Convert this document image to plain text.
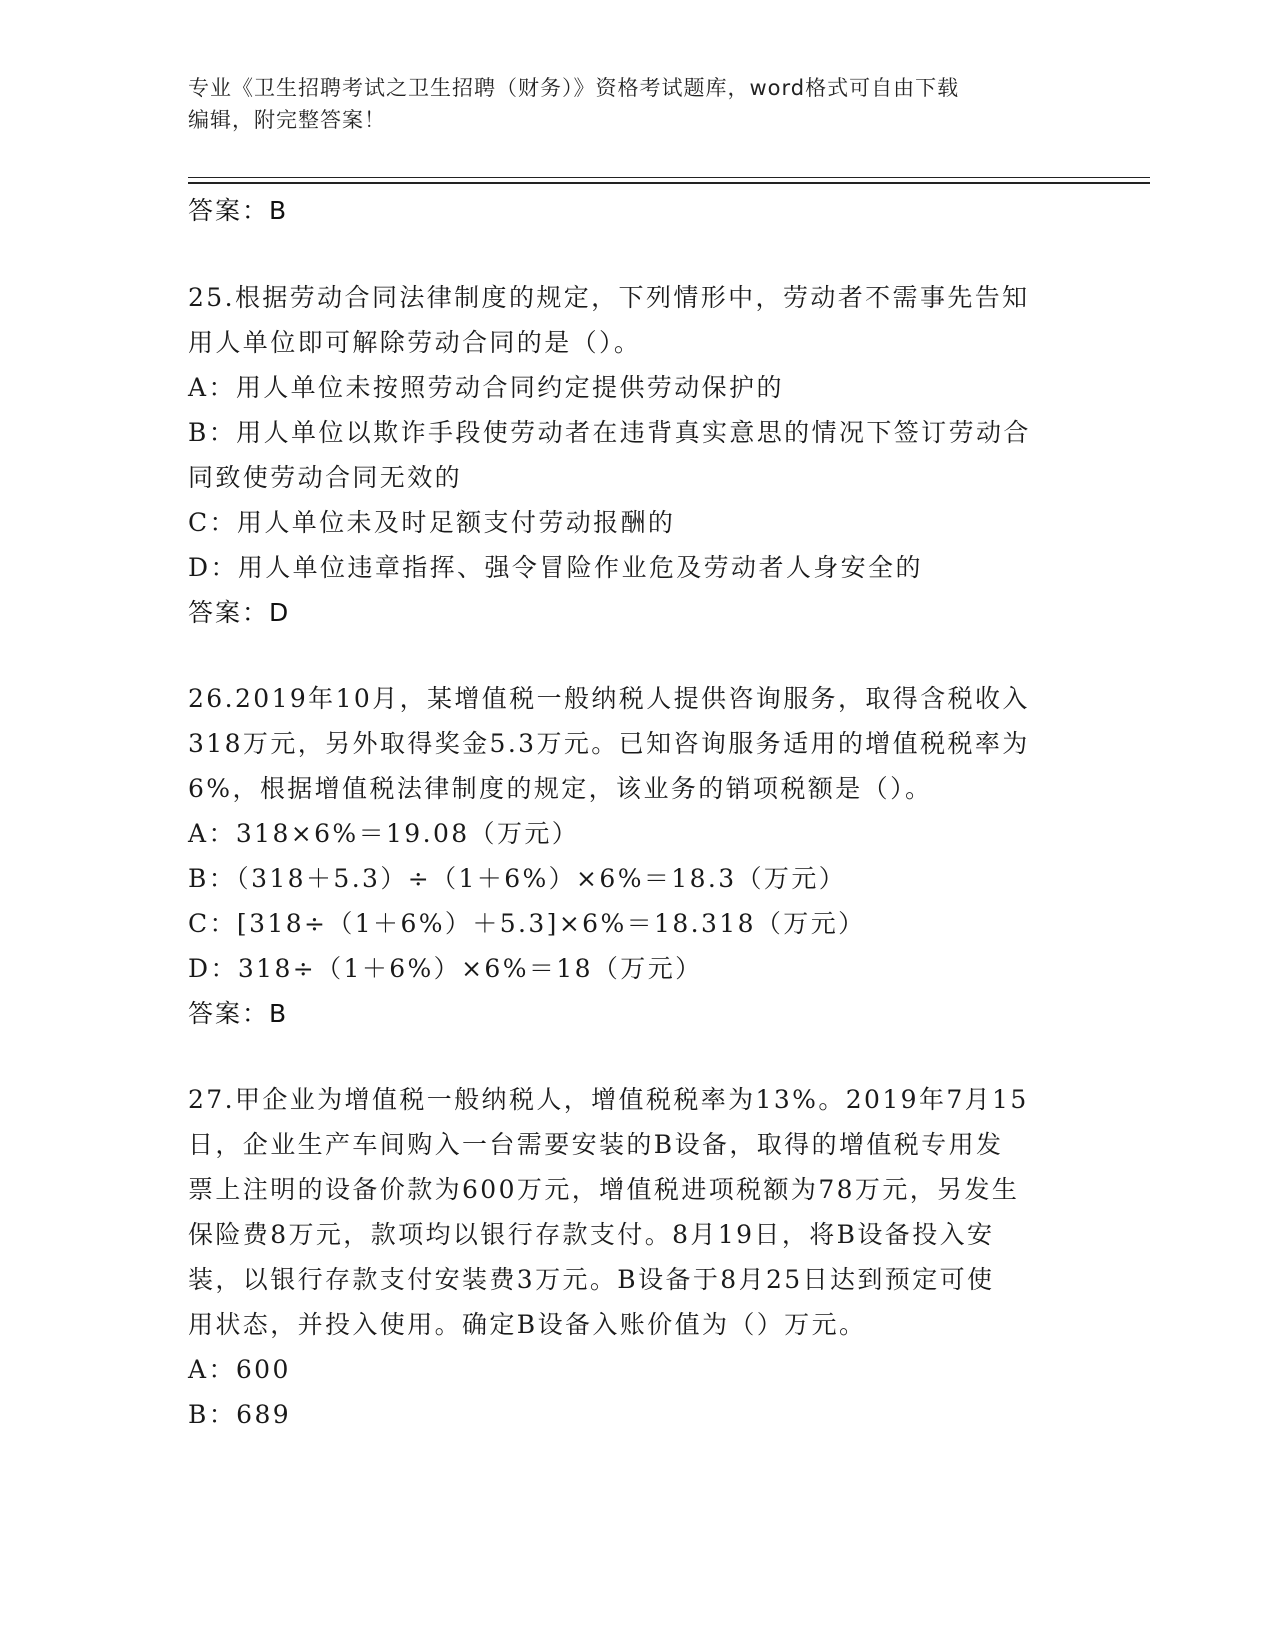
专业《卫生招聘考试之卫生招聘（财务）》资格考试题库，word格式可自由下载
编辑，附完整答案！
答案：B
25.根据劳动合同法律制度的规定，下列情形中，劳动者不需事先告知
用人单位即可解除劳动合同的是（）。
A：用人单位未按照劳动合同约定提供劳动保护的
B：用人单位以欺诈手段使劳动者在违背真实意思的情况下签订劳动合
同致使劳动合同无效的
C：用人单位未及时足额支付劳动报酬的
D：用人单位违章指挥、强令冒险作业危及劳动者人身安全的
答案：D
26.2019年10月，某增值税一般纳税人提供咨询服务，取得含税收入
318万元，另外取得奖金5.3万元。已知咨询服务适用的增值税税率为
6%，根据增值税法律制度的规定，该业务的销项税额是（）。
A：318×6%＝19.08（万元）
B：（318＋5.3）÷（1＋6%）×6%＝18.3（万元）
C：[318÷（1＋6%）＋5.3]×6%＝18.318（万元）
D：318÷（1＋6%）×6%＝18（万元）
答案：B
27.甲企业为增值税一般纳税人，增值税税率为13%。2019年7月15
日，企业生产车间购入一台需要安装的B设备，取得的增值税专用发
票上注明的设备价款为600万元，增值税进项税额为78万元，另发生
保险费8万元，款项均以银行存款支付。8月19日，将B设备投入安
装，以银行存款支付安装费3万元。B设备于8月25日达到预定可使
用状态，并投入使用。确定B设备入账价值为（）万元。
A：600
B：689
